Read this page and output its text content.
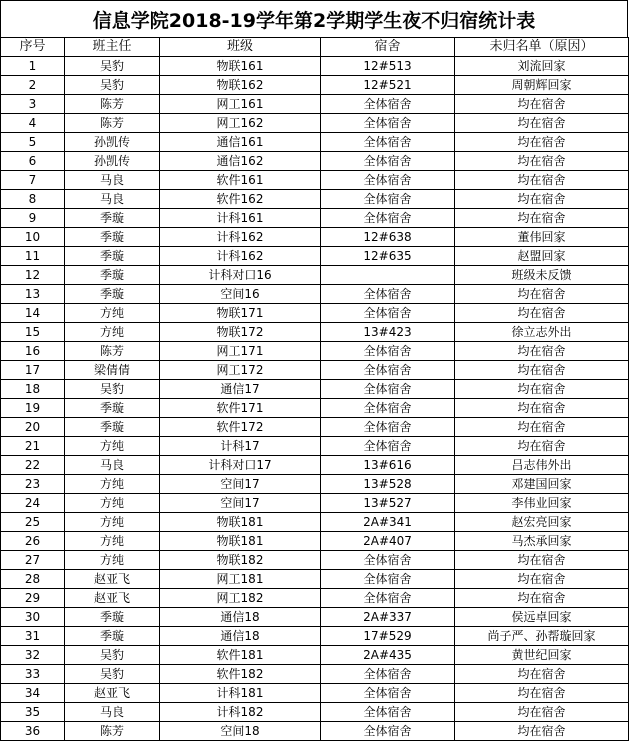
信息学院2018-19学年第2学期学生夜不归宿统计表
序号	班主任	班级	宿舍	未归名单（原因）
1	吴豹	物联161	12#513	刘流回家
2	吴豹	物联162	12#521	周朝辉回家
3	陈芳	网工161	全体宿舍	均在宿舍
4	陈芳	网工162	全体宿舍	均在宿舍
5	孙凯传	通信161	全体宿舍	均在宿舍
6	孙凯传	通信162	全体宿舍	均在宿舍
7	马良	软件161	全体宿舍	均在宿舍
8	马良	软件162	全体宿舍	均在宿舍
9	季璇	计科161	全体宿舍	均在宿舍
10	季璇	计科162	12#638	董伟回家
11	季璇	计科162	12#635	赵盟回家
12	季璇	计科对口16		班级未反馈
13	季璇	空间16	全体宿舍	均在宿舍
14	方纯	物联171	全体宿舍	均在宿舍
15	方纯	物联172	13#423	徐立志外出
16	陈芳	网工171	全体宿舍	均在宿舍
17	梁倩倩	网工172	全体宿舍	均在宿舍
18	吴豹	通信17	全体宿舍	均在宿舍
19	季璇	软件171	全体宿舍	均在宿舍
20	季璇	软件172	全体宿舍	均在宿舍
21	方纯	计科17	全体宿舍	均在宿舍
22	马良	计科对口17	13#616	吕志伟外出
23	方纯	空间17	13#528	邓建国回家
24	方纯	空间17	13#527	李伟业回家
25	方纯	物联181	2A#341	赵宏亮回家
26	方纯	物联181	2A#407	马杰承回家
27	方纯	物联182	全体宿舍	均在宿舍
28	赵亚飞	网工181	全体宿舍	均在宿舍
29	赵亚飞	网工182	全体宿舍	均在宿舍
30	季璇	通信18	2A#337	侯远卓回家
31	季璇	通信18	17#529	尚子严、孙帮璇回家
32	吴豹	软件181	2A#435	黄世纪回家
33	吴豹	软件182	全体宿舍	均在宿舍
34	赵亚飞	计科181	全体宿舍	均在宿舍
35	马良	计科182	全体宿舍	均在宿舍
36	陈芳	空间18	全体宿舍	均在宿舍
